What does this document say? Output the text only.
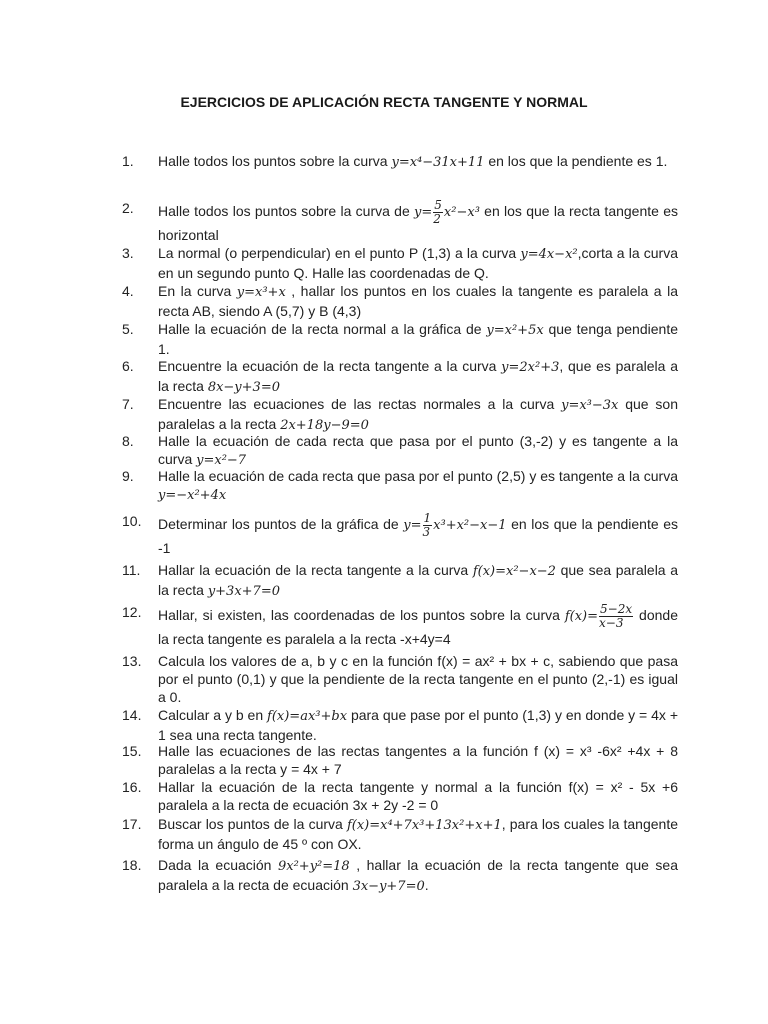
EJERCICIOS DE APLICACIÓN RECTA TANGENTE Y NORMAL
1.	Halle todos los puntos sobre la curva y=x⁴−31x+11 en los que la pendiente es 1.
2.	Halle todos los puntos sobre la curva de $y= \frac{5}{2} x^2-x^3$ en los que la recta tangente es horizontal
3.	La normal (o perpendicular) en el punto P (1,3) a la curva y=4x−x²,corta a la curva en un segundo punto Q. Halle las coordenadas de Q.
4.	En la curva y=x³+x , hallar los puntos en los cuales la tangente es paralela a la recta AB, siendo A (5,7) y B (4,3)
5.	Halle la ecuación de la recta normal a la gráfica de y=x²+5x que tenga pendiente 1.
6.	Encuentre la ecuación de la recta tangente a la curva y=2x²+3, que es paralela a la recta 8x−y+3=0
7.	Encuentre las ecuaciones de las rectas normales a la curva y=x³−3x que son paralelas a la recta 2x+18y−9=0
8.	Halle la ecuación de cada recta que pasa por el punto (3,-2) y es tangente a la curva y=x²−7
9.	Halle la ecuación de cada recta que pasa por el punto (2,5) y es tangente a la curva y=−x²+4x
10.	Determinar los puntos de la gráfica de $y= \frac{1}{3} x^3+x^2-x-1$ en los que la pendiente es -1
11.	Hallar la ecuación de la recta tangente a la curva f(x)=x²−x−2 que sea paralela a la recta y+3x+7=0
12.	Hallar, si existen, las coordenadas de los puntos sobre la curva $f(x)= \frac{5-2x}{x-3}$ donde la recta tangente es paralela a la recta -x+4y=4
13.	Calcula los valores de a, b y c en la función f(x) = ax² + bx + c, sabiendo que pasa por el punto (0,1) y que la pendiente de la recta tangente en el punto (2,-1) es igual a 0.
14.	Calcular a y b en f(x)=ax³+bx para que pase por el punto (1,3) y en donde y = 4x + 1 sea una recta tangente.
15.	Halle las ecuaciones de las rectas tangentes a la función f (x) = x³ -6x² +4x + 8 paralelas a la recta y = 4x + 7
16.	Hallar la ecuación de la recta tangente y normal a la función f(x) = x² - 5x +6 paralela a la recta de ecuación 3x + 2y -2 = 0
17.	Buscar los puntos de la curva f(x)=x⁴+7x³+13x²+x+1, para los cuales la tangente forma un ángulo de 45 º con OX.
18.	Dada la ecuación 9x²+y²=18 , hallar la ecuación de la recta tangente que sea paralela a la recta de ecuación 3x−y+7=0.
